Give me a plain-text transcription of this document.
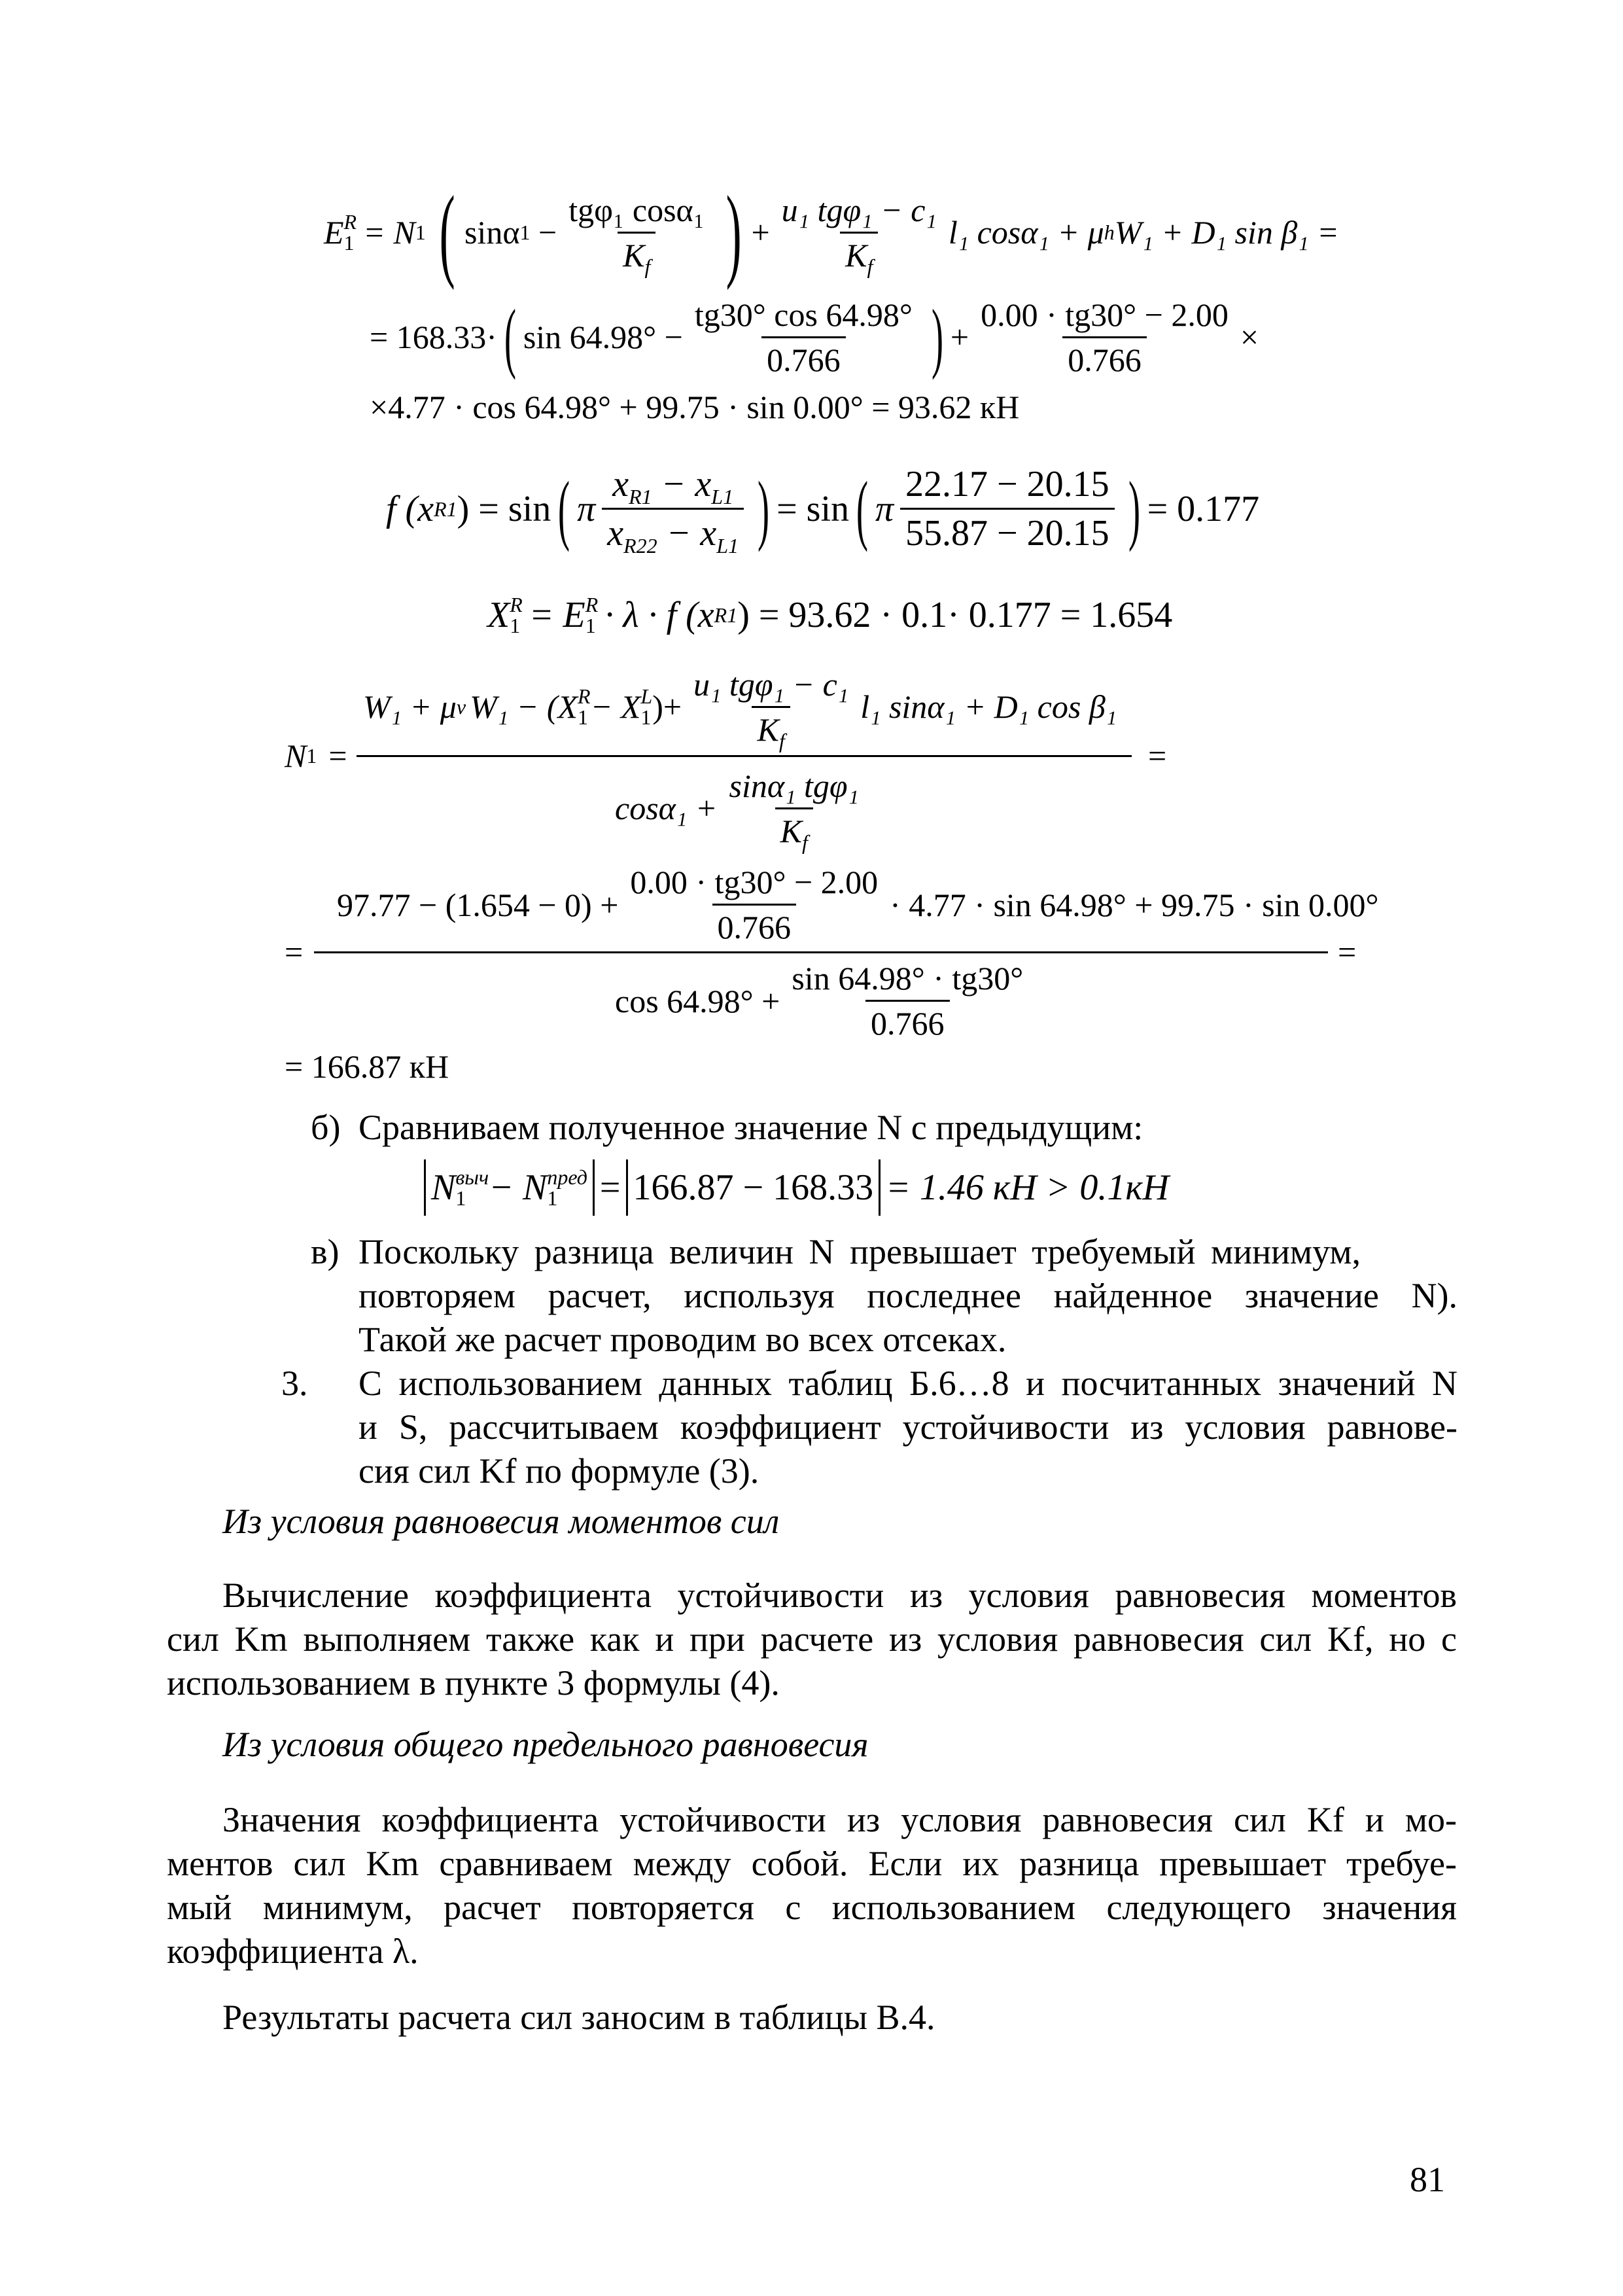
E R
1 = N 1 ( sinα $1 - \frac{\text{tgφ₁ cosα₁}}{K_f}$ ) + $\frac{\text{u₁ tgφ₁ − c₁}}{K_f} l_1$ cosα₁ + μ h W₁ + D₁ sin β₁ =
= 168.33· ( $\sin 64.98^\circ - \frac{tg30^\circ \cos 64.98^\circ}{0.766}$ ) + $\frac{0.00 \cdot tg30^\circ - 2.00}{0.766}$ ×
×4.77 · cos 64.98° + 99.75 · sin 0.00° = 93.62 кН
f (x R1 ) = sin ( π $\frac{x_{R1} - x_{L1}}{x_{R22} - x_{L1}}$ ) = sin ( π $\frac{22.17 - 20.15}{55.87 - 20.15}$ ) = 0.177
X R
1 = E R
1 · λ · f (x R1 ) = 93.62 · 0.1· 0.177 = 1.654
N 1 =
W₁ + μ v W₁ − (X R
1 − X L
1 )+ $\frac{\text{u₁ tgφ₁ − c₁}}{K_f} l_1$ sinα₁ + D₁ cos β₁
=
$\cos\alpha_1 + \frac{\text{sinα₁ tgφ₁}}{K_f}$
=
$97.77 - (1.654 - 0) + \frac{0.00 \cdot tg30^\circ - 2.00}{0.766} \cdot 4.77 \cdot \sin 64.98^\circ + 99.75 \cdot \sin 0.00^\circ$
=
$\cos 64.98^\circ + \frac{\sin 64.98^\circ \cdot tg30^\circ}{0.766}$
= 166.87 кН
б) Сравниваем полученное значение N с предыдущим:
N выч
1 − N пред
1	= 166.87 − 168.33 = 1.46 кН > 0.1кН
в) Поскольку разница величин N превышает требуемый минимум,
повторяем расчет, используя последнее найденное значение N).
Такой же расчет проводим во всех отсеках.
3. С использованием данных таблиц Б.6…8 и посчитанных значений N
и S, рассчитываем коэффициент устойчивости из условия равнове-
сия сил Kf по формуле (3).
Из условия равновесия моментов сил
Вычисление коэффициента устойчивости из условия равновесия моментов
сил Km выполняем также как и при расчете из условия равновесия сил Kf, но с
использованием в пункте 3 формулы (4).
Из условия общего предельного равновесия
Значения коэффициента устойчивости из условия равновесия сил Kf и мо-
ментов сил Km сравниваем между собой. Если их разница превышает требуе-
мый минимум, расчет повторяется с использованием следующего значения
коэффициента λ.
Результаты расчета сил заносим в таблицы В.4.
81
